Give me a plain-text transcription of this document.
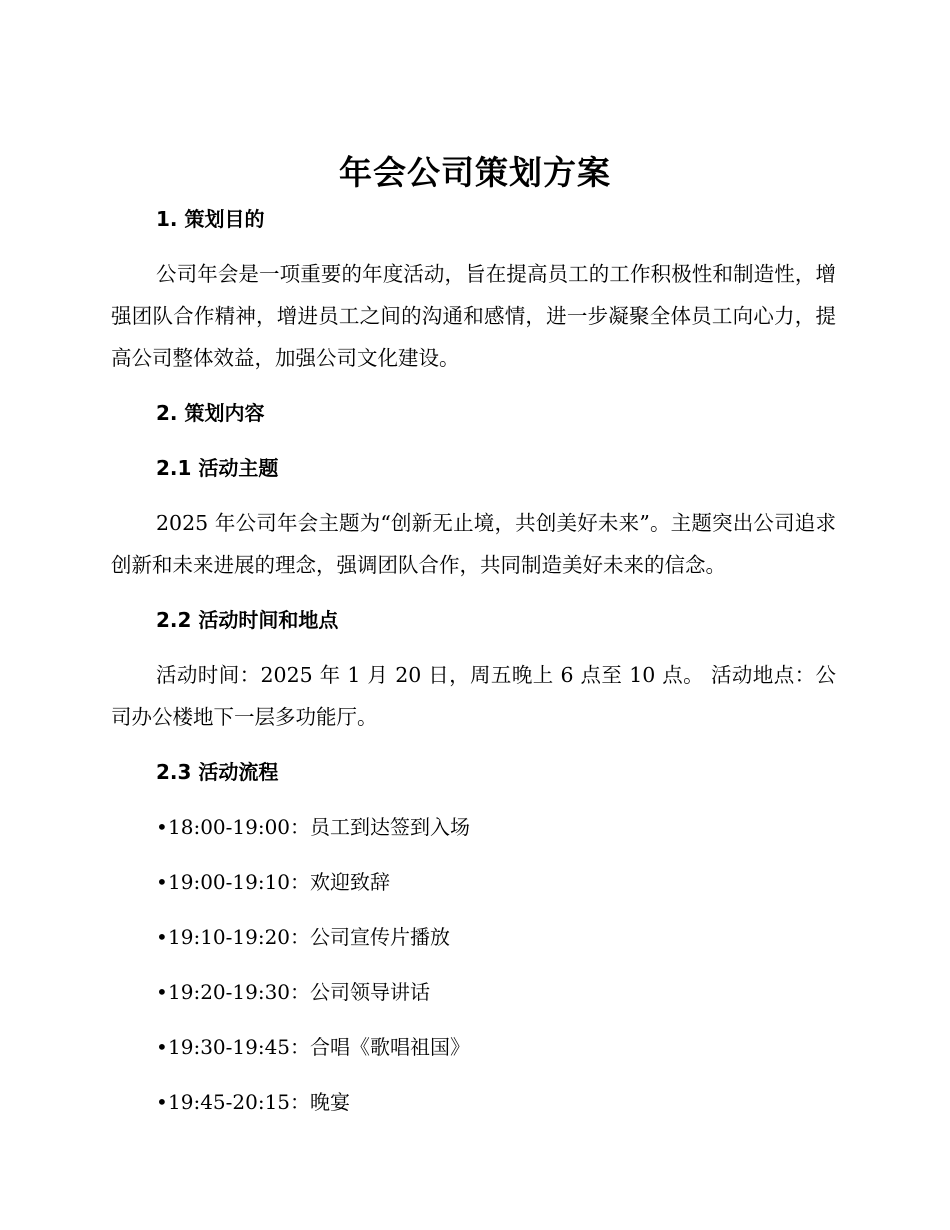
年会公司策划方案
1. 策划目的

公司年会是一项重要的年度活动，旨在提高员工的工作积极性和制造性，增强团队合作精神，增进员工之间的沟通和感情，进一步凝聚全体员工向心力，提高公司整体效益，加强公司文化建设。

2. 策划内容
2.1 活动主题

2025 年公司年会主题为“创新无止境，共创美好未来”。主题突出公司追求创新和未来进展的理念，强调团队合作，共同制造美好未来的信念。

2.2 活动时间和地点

活动时间：2025 年 1 月 20 日，周五晚上 6 点至 10 点。 活动地点：公司办公楼地下一层多功能厅。

2.3 活动流程
•18:00-19:00：员工到达签到入场
•19:00-19:10：欢迎致辞
•19:10-19:20：公司宣传片播放
•19:20-19:30：公司领导讲话
•19:30-19:45：合唱《歌唱祖国》
•19:45-20:15：晚宴
